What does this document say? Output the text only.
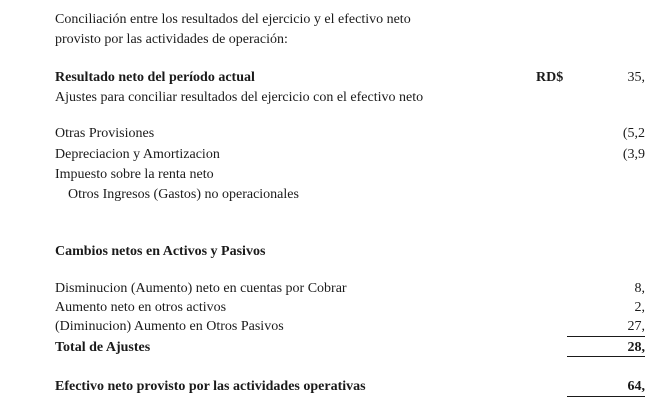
Conciliación entre los resultados del ejercicio y el efectivo neto
provisto por las actividades de operación:
Resultado neto del período actual	RD$	35,
Ajustes para conciliar resultados del ejercicio con el efectivo neto
Otras Provisiones	(5,2
Depreciacion y Amortizacion	(3,9
Impuesto sobre la renta neto
Otros Ingresos (Gastos) no operacionales
Cambios netos en Activos y Pasivos
Disminucion (Aumento) neto en cuentas por Cobrar	8,
Aumento neto en otros activos	2,
(Diminucion) Aumento en Otros Pasivos	27,
Total de Ajustes	28,
Efectivo neto provisto por las actividades operativas	64,
